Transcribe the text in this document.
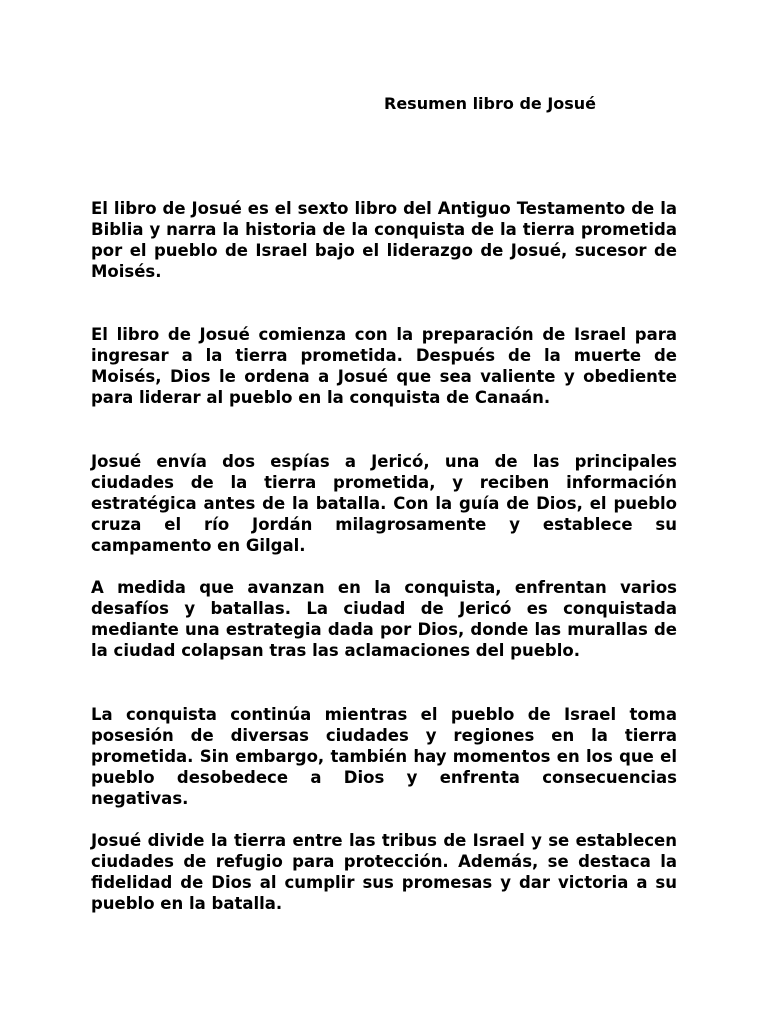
Resumen libro de Josué

El libro de Josué es el sexto libro del Antiguo Testamento de la Biblia y narra la historia de la conquista de la tierra prometida por el pueblo de Israel bajo el liderazgo de Josué, sucesor de Moisés.

El libro de Josué comienza con la preparación de Israel para ingresar a la tierra prometida. Después de la muerte de Moisés, Dios le ordena a Josué que sea valiente y obediente para liderar al pueblo en la conquista de Canaán.

Josué envía dos espías a Jericó, una de las principales ciudades de la tierra prometida, y reciben información estratégica antes de la batalla. Con la guía de Dios, el pueblo cruza el río Jordán milagrosamente y establece su campamento en Gilgal.

A medida que avanzan en la conquista, enfrentan varios desafíos y batallas. La ciudad de Jericó es conquistada mediante una estrategia dada por Dios, donde las murallas de la ciudad colapsan tras las aclamaciones del pueblo.

La conquista continúa mientras el pueblo de Israel toma posesión de diversas ciudades y regiones en la tierra prometida. Sin embargo, también hay momentos en los que el pueblo desobedece a Dios y enfrenta consecuencias negativas.

Josué divide la tierra entre las tribus de Israel y se establecen ciudades de refugio para protección. Además, se destaca la fidelidad de Dios al cumplir sus promesas y dar victoria a su pueblo en la batalla.
